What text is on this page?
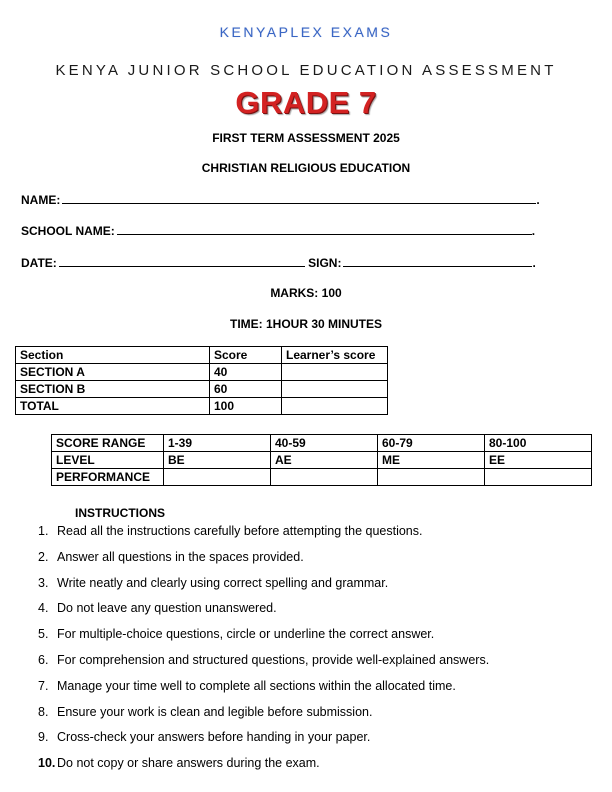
KENYAPLEX EXAMS
KENYA JUNIOR SCHOOL EDUCATION ASSESSMENT
GRADE 7
FIRST TERM ASSESSMENT 2025
CHRISTIAN RELIGIOUS EDUCATION
NAME:	.
SCHOOL NAME:	.
DATE:	SIGN:	.
MARKS: 100
TIME: 1HOUR 30 MINUTES
Section	Score	Learner’s score
SECTION A	40	
SECTION B	60	
TOTAL	100	
SCORE RANGE	1-39	40-59	60-79	80-100
LEVEL	BE	AE	ME	EE
PERFORMANCE				
INSTRUCTIONS
1. Read all the instructions carefully before attempting the questions.
2. Answer all questions in the spaces provided.
3. Write neatly and clearly using correct spelling and grammar.
4. Do not leave any question unanswered.
5. For multiple-choice questions, circle or underline the correct answer.
6. For comprehension and structured questions, provide well-explained answers.
7. Manage your time well to complete all sections within the allocated time.
8. Ensure your work is clean and legible before submission.
9. Cross-check your answers before handing in your paper.
10. Do not copy or share answers during the exam.
